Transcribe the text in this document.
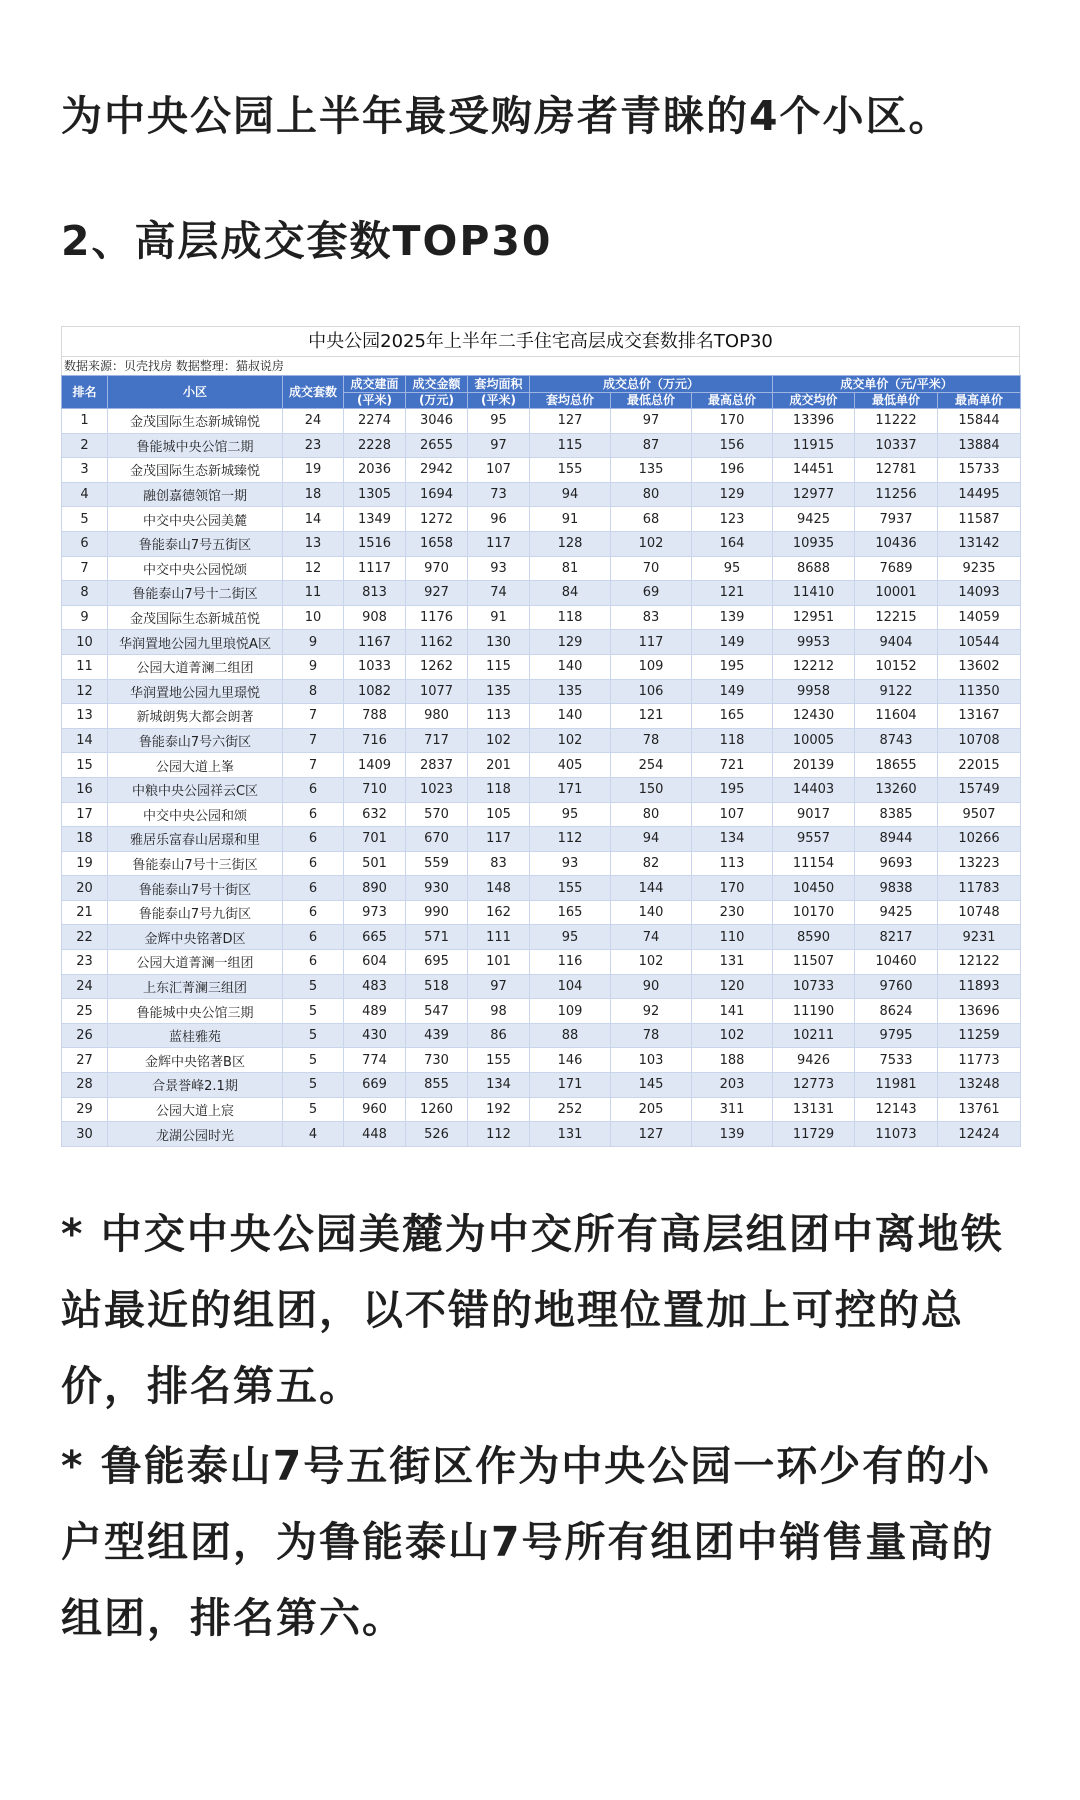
为中央公园上半年最受购房者青睐的4个小区。
2、高层成交套数TOP30
中央公园2025年上半年二手住宅高层成交套数排名TOP30
数据来源：贝壳找房 数据整理：猫叔说房
排名	小区	成交套数	成交建面	成交金额	套均面积	成交总价（万元）			成交单价（元/平米）		
			(平米)	(万元)	(平米)	套均总价	最低总价	最高总价	成交均价	最低单价	最高单价
1	金茂国际生态新城锦悦	24	2274	3046	95	127	97	170	13396	11222	15844
2	鲁能城中央公馆二期	23	2228	2655	97	115	87	156	11915	10337	13884
3	金茂国际生态新城臻悦	19	2036	2942	107	155	135	196	14451	12781	15733
4	融创嘉德领馆一期	18	1305	1694	73	94	80	129	12977	11256	14495
5	中交中央公园美麓	14	1349	1272	96	91	68	123	9425	7937	11587
6	鲁能泰山7号五街区	13	1516	1658	117	128	102	164	10935	10436	13142
7	中交中央公园悦颂	12	1117	970	93	81	70	95	8688	7689	9235
8	鲁能泰山7号十二街区	11	813	927	74	84	69	121	11410	10001	14093
9	金茂国际生态新城茁悦	10	908	1176	91	118	83	139	12951	12215	14059
10	华润置地公园九里琅悦A区	9	1167	1162	130	129	117	149	9953	9404	10544
11	公园大道菁澜二组团	9	1033	1262	115	140	109	195	12212	10152	13602
12	华润置地公园九里璟悦	8	1082	1077	135	135	106	149	9958	9122	11350
13	新城朗隽大都会朗著	7	788	980	113	140	121	165	12430	11604	13167
14	鲁能泰山7号六街区	7	716	717	102	102	78	118	10005	8743	10708
15	公园大道上峯	7	1409	2837	201	405	254	721	20139	18655	22015
16	中粮中央公园祥云C区	6	710	1023	118	171	150	195	14403	13260	15749
17	中交中央公园和颂	6	632	570	105	95	80	107	9017	8385	9507
18	雅居乐富春山居璟和里	6	701	670	117	112	94	134	9557	8944	10266
19	鲁能泰山7号十三街区	6	501	559	83	93	82	113	11154	9693	13223
20	鲁能泰山7号十街区	6	890	930	148	155	144	170	10450	9838	11783
21	鲁能泰山7号九街区	6	973	990	162	165	140	230	10170	9425	10748
22	金辉中央铭著D区	6	665	571	111	95	74	110	8590	8217	9231
23	公园大道菁澜一组团	6	604	695	101	116	102	131	11507	10460	12122
24	上东汇菁澜三组团	5	483	518	97	104	90	120	10733	9760	11893
25	鲁能城中央公馆三期	5	489	547	98	109	92	141	11190	8624	13696
26	蓝桂雅苑	5	430	439	86	88	78	102	10211	9795	11259
27	金辉中央铭著B区	5	774	730	155	146	103	188	9426	7533	11773
28	合景誉峰2.1期	5	669	855	134	171	145	203	12773	11981	13248
29	公园大道上宸	5	960	1260	192	252	205	311	13131	12143	13761
30	龙湖公园时光	4	448	526	112	131	127	139	11729	11073	12424
* 中交中央公园美麓为中交所有高层组团中离地铁站最近的组团，以不错的地理位置加上可控的总价，排名第五。
* 鲁能泰山7号五街区作为中央公园一环少有的小户型组团，为鲁能泰山7号所有组团中销售量高的组团，排名第六。
